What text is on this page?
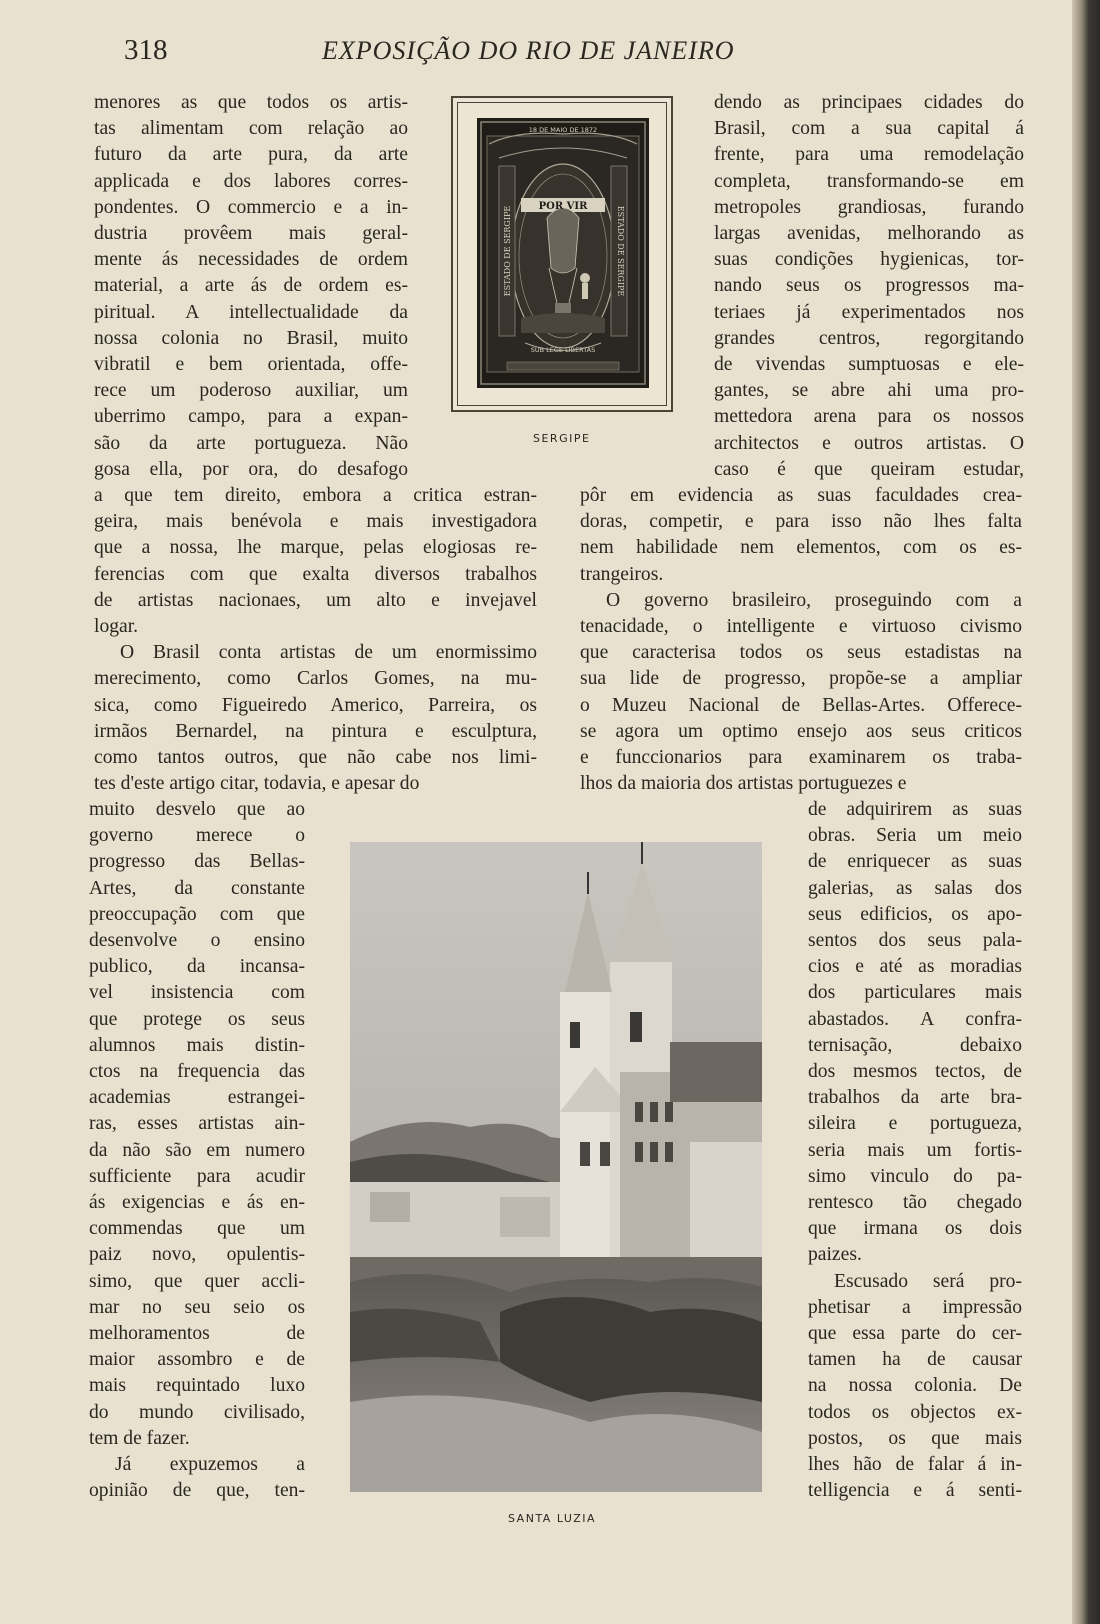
318	EXPOSIÇÃO DO RIO DE JANEIRO
menores as que todos os artis-
tas alimentam com relação ao
futuro da arte pura, da arte
applicada e dos labores corres-
pondentes. O commercio e a in-
dustria provêem mais geral-
mente ás necessidades de ordem
material, a arte ás de ordem es-
piritual. A intellectualidade da
nossa colonia no Brasil, muito
vibratil e bem orientada, offe-
rece um poderoso auxiliar, um
uberrimo campo, para a expan-
são da arte portugueza. Não
gosa ella, por ora, do desafogo
18 DE MAIO DE 1872
POR VIR
ESTADO DE SERGIPE	ESTADO DE SERGIPE
SUB LEGE LIBERTAS
SERGIPE
a que tem direito, embora a critica estran-
geira, mais benévola e mais investigadora
que a nossa, lhe marque, pelas elogiosas re-
ferencias com que exalta diversos trabalhos
de artistas nacionaes, um alto e invejavel
logar.
O Brasil conta artistas de um enormissimo
merecimento, como Carlos Gomes, na mu-
sica, como Figueiredo Americo, Parreira, os
irmãos Bernardel, na pintura e esculptura,
como tantos outros, que não cabe nos limi-
tes d'este artigo citar, todavia, e apesar do
muito desvelo que ao
governo merece o
progresso das Bellas-
Artes, da constante
preoccupação com que
desenvolve o ensino
publico, da incansa-
vel insistencia com
que protege os seus
alumnos mais distin-
ctos na frequencia das
academias estrangei-
ras, esses artistas ain-
da não são em numero
sufficiente para acudir
ás exigencias e ás en-
commendas que um
paiz novo, opulentis-
simo, que quer accli-
mar no seu seio os
melhoramentos de
maior assombro e de
mais requintado luxo
do mundo civilisado,
tem de fazer.
Já expuzemos a
opinião de que, ten-
dendo as principaes cidades do
Brasil, com a sua capital á
frente, para uma remodelação
completa, transformando-se em
metropoles grandiosas, furando
largas avenidas, melhorando as
suas condições hygienicas, tor-
nando seus os progressos ma-
teriaes já experimentados nos
grandes centros, regorgitando
de vivendas sumptuosas e ele-
gantes, se abre ahi uma pro-
mettedora arena para os nossos
architectos e outros artistas. O
caso é que queiram estudar,
pôr em evidencia as suas faculdades crea-
doras, competir, e para isso não lhes falta
nem habilidade nem elementos, com os es-
trangeiros.
O governo brasileiro, proseguindo com a
tenacidade, o intelligente e virtuoso civismo
que caracterisa todos os seus estadistas na
sua lide de progresso, propõe-se a ampliar
o Muzeu Nacional de Bellas-Artes. Offerece-
se agora um optimo ensejo aos seus criticos
e funccionarios para examinarem os traba-
lhos da maioria dos artistas portuguezes e
de adquirirem as suas
obras. Seria um meio
de enriquecer as suas
galerias, as salas dos
seus edificios, os apo-
sentos dos seus pala-
cios e até as moradias
dos particulares mais
abastados. A confra-
ternisação, debaixo
dos mesmos tectos, de
trabalhos da arte bra-
sileira e portugueza,
seria mais um fortis-
simo vinculo do pa-
rentesco tão chegado
que irmana os dois
paizes.
Escusado será pro-
phetisar a impressão
que essa parte do cer-
tamen ha de causar
na nossa colonia. De
todos os objectos ex-
postos, os que mais
lhes hão de falar á in-
telligencia e á senti-
SANTA LUZIA
